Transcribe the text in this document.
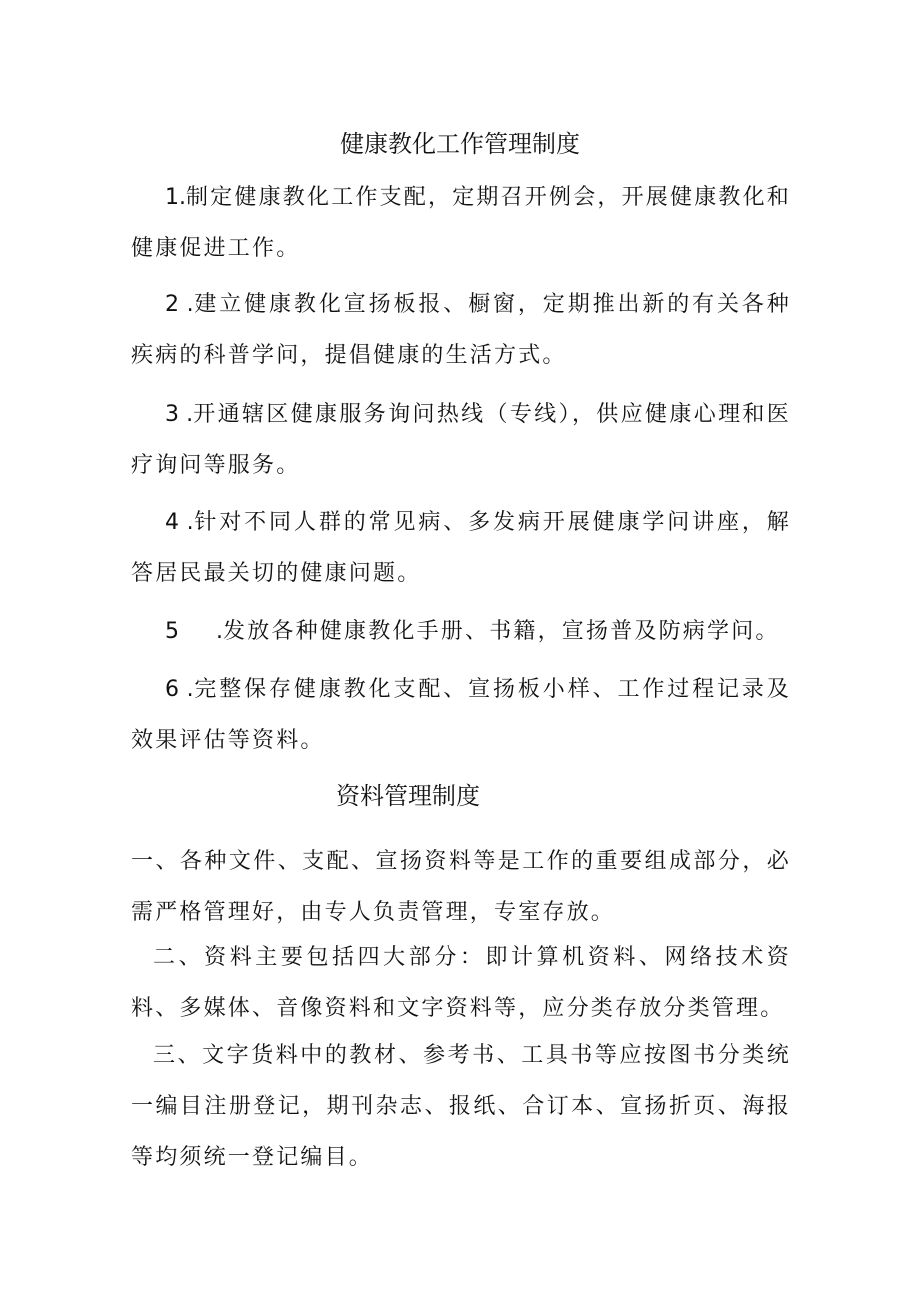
健康教化工作管理制度

1.制定健康教化工作支配，定期召开例会，开展健康教化和健康促进工作。

2 .建立健康教化宣扬板报、橱窗，定期推出新的有关各种疾病的科普学问，提倡健康的生活方式。

3 .开通辖区健康服务询问热线（专线），供应健康心理和医疗询问等服务。

4 .针对不同人群的常见病、多发病开展健康学问讲座，解答居民最关切的健康问题。

5 .发放各种健康教化手册、书籍，宣扬普及防病学问。

6 .完整保存健康教化支配、宣扬板小样、工作过程记录及效果评估等资料。

资料管理制度

一、各种文件、支配、宣扬资料等是工作的重要组成部分，必需严格管理好，由专人负责管理，专室存放。

二、资料主要包括四大部分：即计算机资料、网络技术资料、多媒体、音像资料和文字资料等，应分类存放分类管理。

三、文字货料中的教材、参考书、工具书等应按图书分类统一编目注册登记，期刊杂志、报纸、合订本、宣扬折页、海报等均须统一登记编目。
